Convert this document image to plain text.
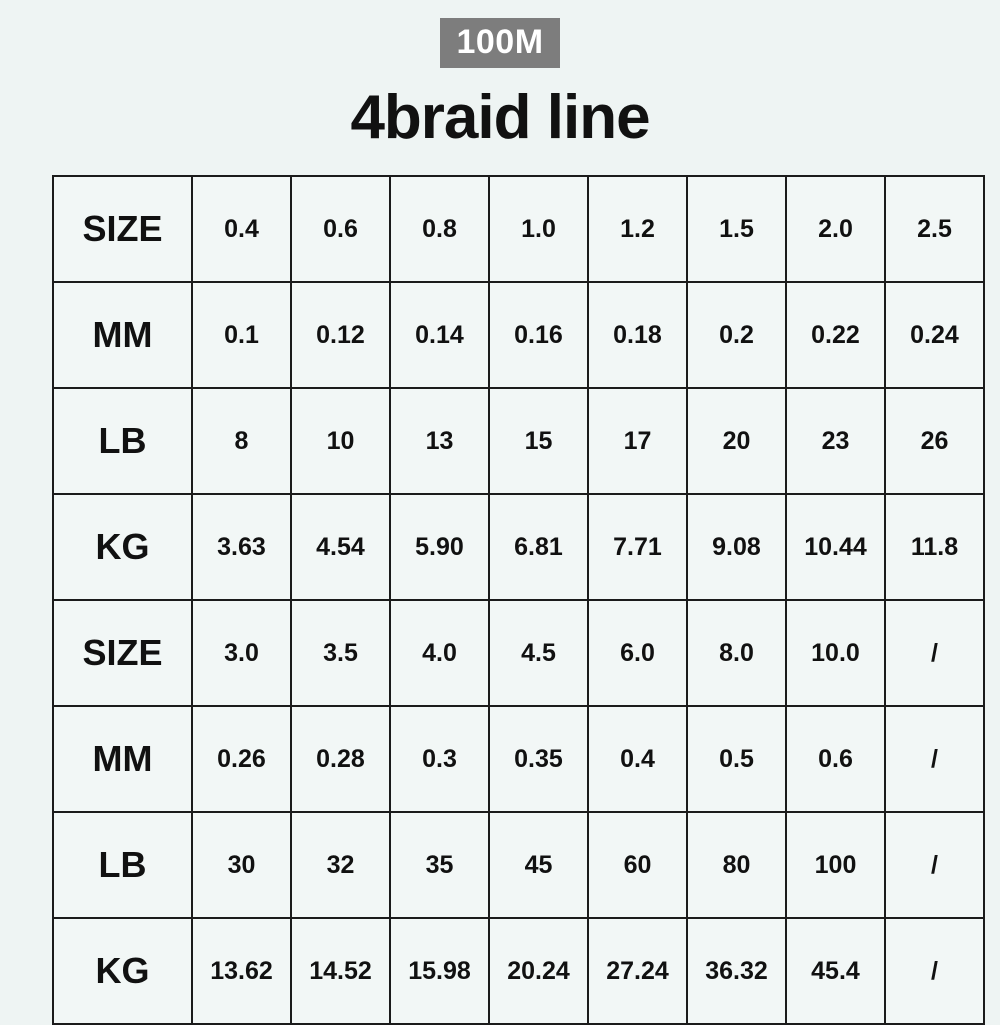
100M
4braid line
SIZE	0.4	0.6	0.8	1.0	1.2	1.5	2.0	2.5
MM	0.1	0.12	0.14	0.16	0.18	0.2	0.22	0.24
LB	8	10	13	15	17	20	23	26
KG	3.63	4.54	5.90	6.81	7.71	9.08	10.44	11.8
SIZE	3.0	3.5	4.0	4.5	6.0	8.0	10.0	/
MM	0.26	0.28	0.3	0.35	0.4	0.5	0.6	/
LB	30	32	35	45	60	80	100	/
KG	13.62	14.52	15.98	20.24	27.24	36.32	45.4	/
